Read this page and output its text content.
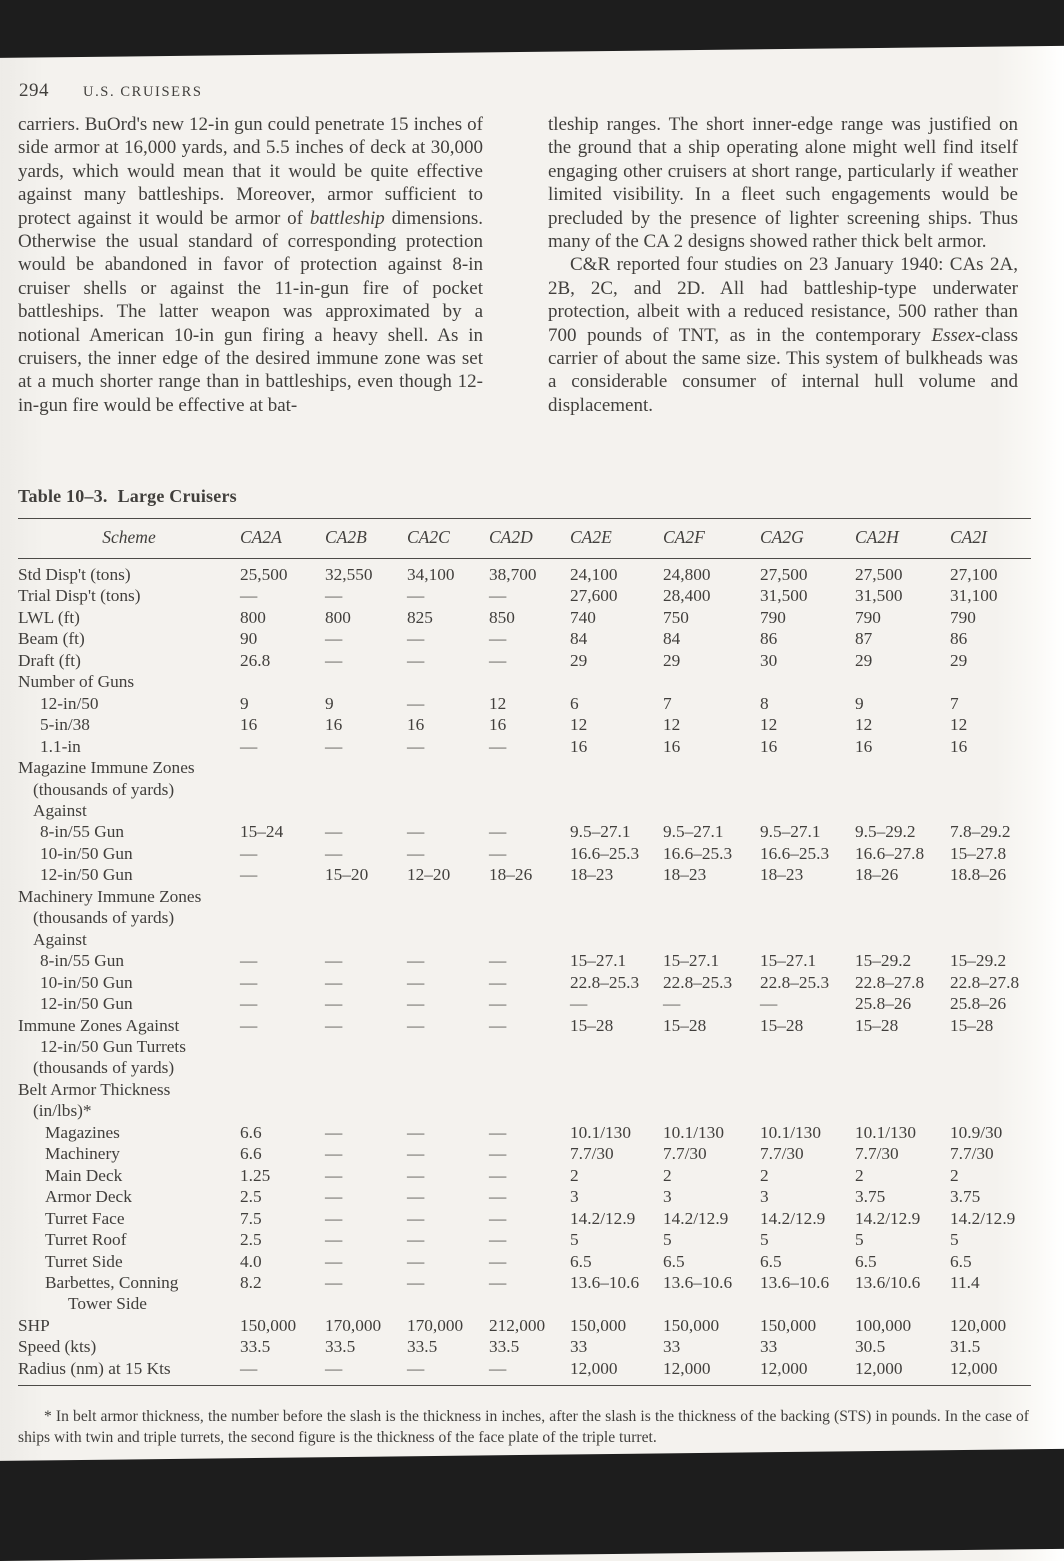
294 U.S. CRUISERS

carriers. BuOrd's new 12-in gun could penetrate 15 inches of side armor at 16,000 yards, and 5.5 inches of deck at 30,000 yards, which would mean that it would be quite effective against many battleships. Moreover, armor sufficient to protect against it would be armor of battleship dimensions. Otherwise the usual standard of corresponding protection would be abandoned in favor of protection against 8-in cruiser shells or against the 11-in-gun fire of pocket battleships. The latter weapon was approximated by a notional American 10-in gun firing a heavy shell. As in cruisers, the inner edge of the desired immune zone was set at a much shorter range than in battleships, even though 12-in-gun fire would be effective at bat-

tleship ranges. The short inner-edge range was justified on the ground that a ship operating alone might well find itself engaging other cruisers at short range, particularly if weather limited visibility. In a fleet such engagements would be precluded by the presence of lighter screening ships. Thus many of the CA 2 designs showed rather thick belt armor.

C&R reported four studies on 23 January 1940: CAs 2A, 2B, 2C, and 2D. All had battleship-type underwater protection, albeit with a reduced resistance, 500 rather than 700 pounds of TNT, as in the contemporary Essex-class carrier of about the same size. This system of bulkheads was a considerable consumer of internal hull volume and displacement.

Table 10–3. Large Cruisers

Scheme	CA2A	CA2B	CA2C	CA2D	CA2E	CA2F	CA2G	CA2H	CA2I
Std Disp't (tons)	25,500	32,550	34,100	38,700	24,100	24,800	27,500	27,500	27,100
Trial Disp't (tons)	—	—	—	—	27,600	28,400	31,500	31,500	31,100
LWL (ft)	800	800	825	850	740	750	790	790	790
Beam (ft)	90	—	—	—	84	84	86	87	86
Draft (ft)	26.8	—	—	—	29	29	30	29	29
Number of Guns
12-in/50	9	9	—	12	6	7	8	9	7
5-in/38	16	16	16	16	12	12	12	12	12
1.1-in	—	—	—	—	16	16	16	16	16
Magazine Immune Zones
(thousands of yards)
Against
8-in/55 Gun	15–24	—	—	—	9.5–27.1	9.5–27.1	9.5–27.1	9.5–29.2	7.8–29.2
10-in/50 Gun	—	—	—	—	16.6–25.3	16.6–25.3	16.6–25.3	16.6–27.8	15–27.8
12-in/50 Gun	—	15–20	12–20	18–26	18–23	18–23	18–23	18–26	18.8–26
Machinery Immune Zones
(thousands of yards)
Against
8-in/55 Gun	—	—	—	—	15–27.1	15–27.1	15–27.1	15–29.2	15–29.2
10-in/50 Gun	—	—	—	—	22.8–25.3	22.8–25.3	22.8–25.3	22.8–27.8	22.8–27.8
12-in/50 Gun	—	—	—	—	—	—	—	25.8–26	25.8–26
Immune Zones Against	—	—	—	—	15–28	15–28	15–28	15–28	15–28
12-in/50 Gun Turrets
(thousands of yards)
Belt Armor Thickness
(in/lbs)*
Magazines	6.6	—	—	—	10.1/130	10.1/130	10.1/130	10.1/130	10.9/30
Machinery	6.6	—	—	—	7.7/30	7.7/30	7.7/30	7.7/30	7.7/30
Main Deck	1.25	—	—	—	2	2	2	2	2
Armor Deck	2.5	—	—	—	3	3	3	3.75	3.75
Turret Face	7.5	—	—	—	14.2/12.9	14.2/12.9	14.2/12.9	14.2/12.9	14.2/12.9
Turret Roof	2.5	—	—	—	5	5	5	5	5
Turret Side	4.0	—	—	—	6.5	6.5	6.5	6.5	6.5
Barbettes, Conning	8.2	—	—	—	13.6–10.6	13.6–10.6	13.6–10.6	13.6/10.6	11.4
Tower Side
SHP	150,000	170,000	170,000	212,000	150,000	150,000	150,000	100,000	120,000
Speed (kts)	33.5	33.5	33.5	33.5	33	33	33	30.5	31.5
Radius (nm) at 15 Kts	—	—	—	—	12,000	12,000	12,000	12,000	12,000

* In belt armor thickness, the number before the slash is the thickness in inches, after the slash is the thickness of the backing (STS) in pounds. In the case of ships with twin and triple turrets, the second figure is the thickness of the face plate of the triple turret.
